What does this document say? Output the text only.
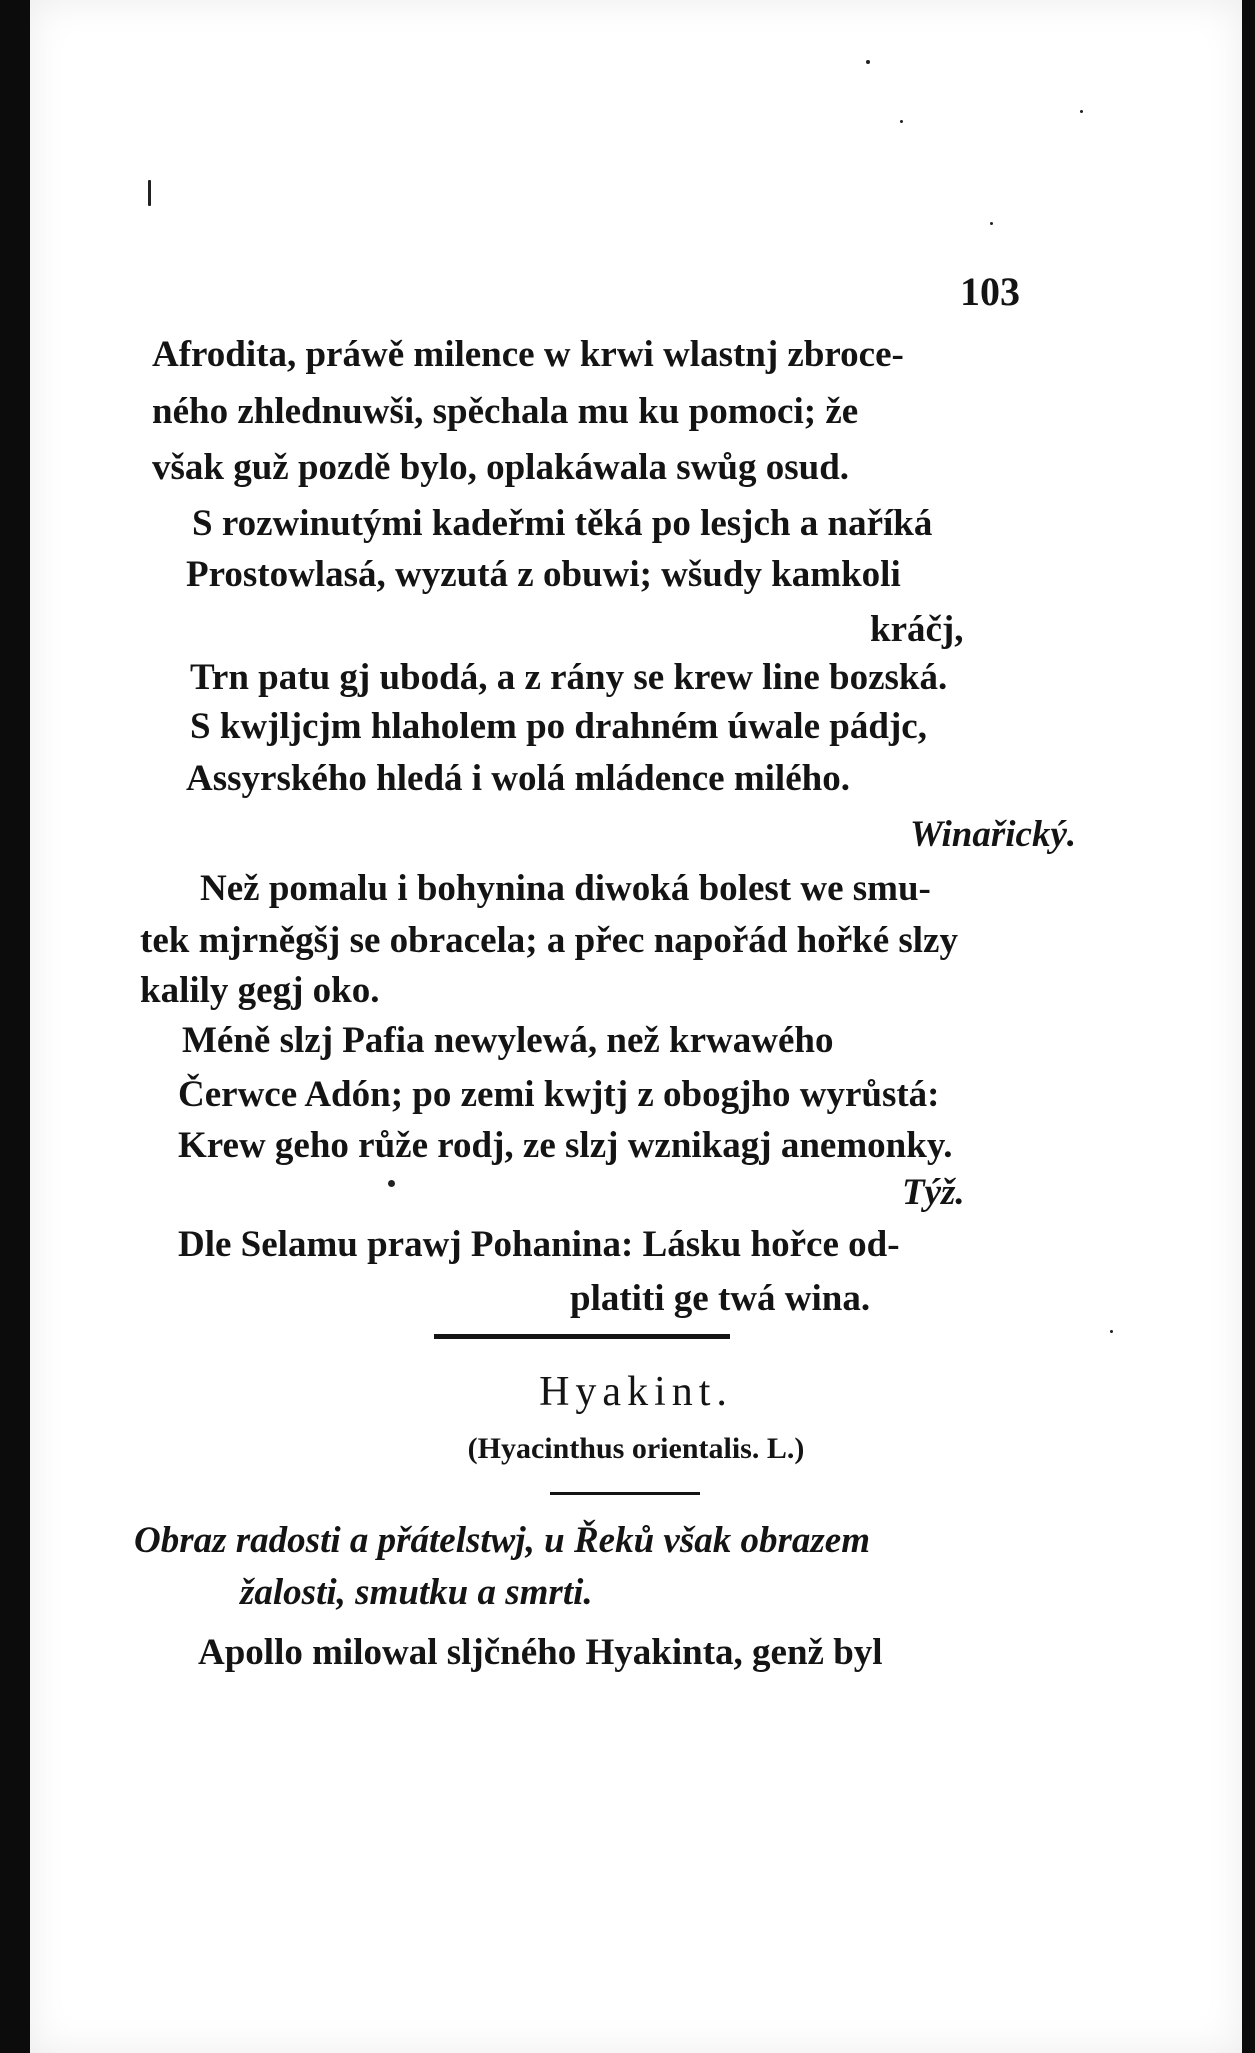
103
Afrodita, práwě milence w krwi wlastnj zbroce-
ného zhlednuwši, spěchala mu ku pomoci; že
však guž pozdě bylo, oplakáwala swůg osud.
S rozwinutými kadeřmi těká po lesjch a naříká
Prostowlasá, wyzutá z obuwi; wšudy kamkoli
kráčj,
Trn patu gj ubodá, a z rány se krew line bozská.
S kwjljcjm hlaholem po drahném úwale pádjc,
Assyrského hledá i wolá mládence milého.
Winařický.
Než pomalu i bohynina diwoká bolest we smu-
tek mjrněgšj se obracela; a přec napořád hořké slzy
kalily gegj oko.
Méně slzj Pafia newylewá, než krwawého
Čerwce Adón; po zemi kwjtj z obogjho wyrůstá:
Krew geho růže rodj, ze slzj wznikagj anemonky.
Týž.
Dle Selamu prawj Pohanina: Lásku hořce od-
platiti ge twá wina.
Hyakint.
(Hyacinthus orientalis. L.)
Obraz radosti a přátelstwj, u Řeků však obrazem
žalosti, smutku a smrti.
Apollo milowal sljčného Hyakinta, genž byl
